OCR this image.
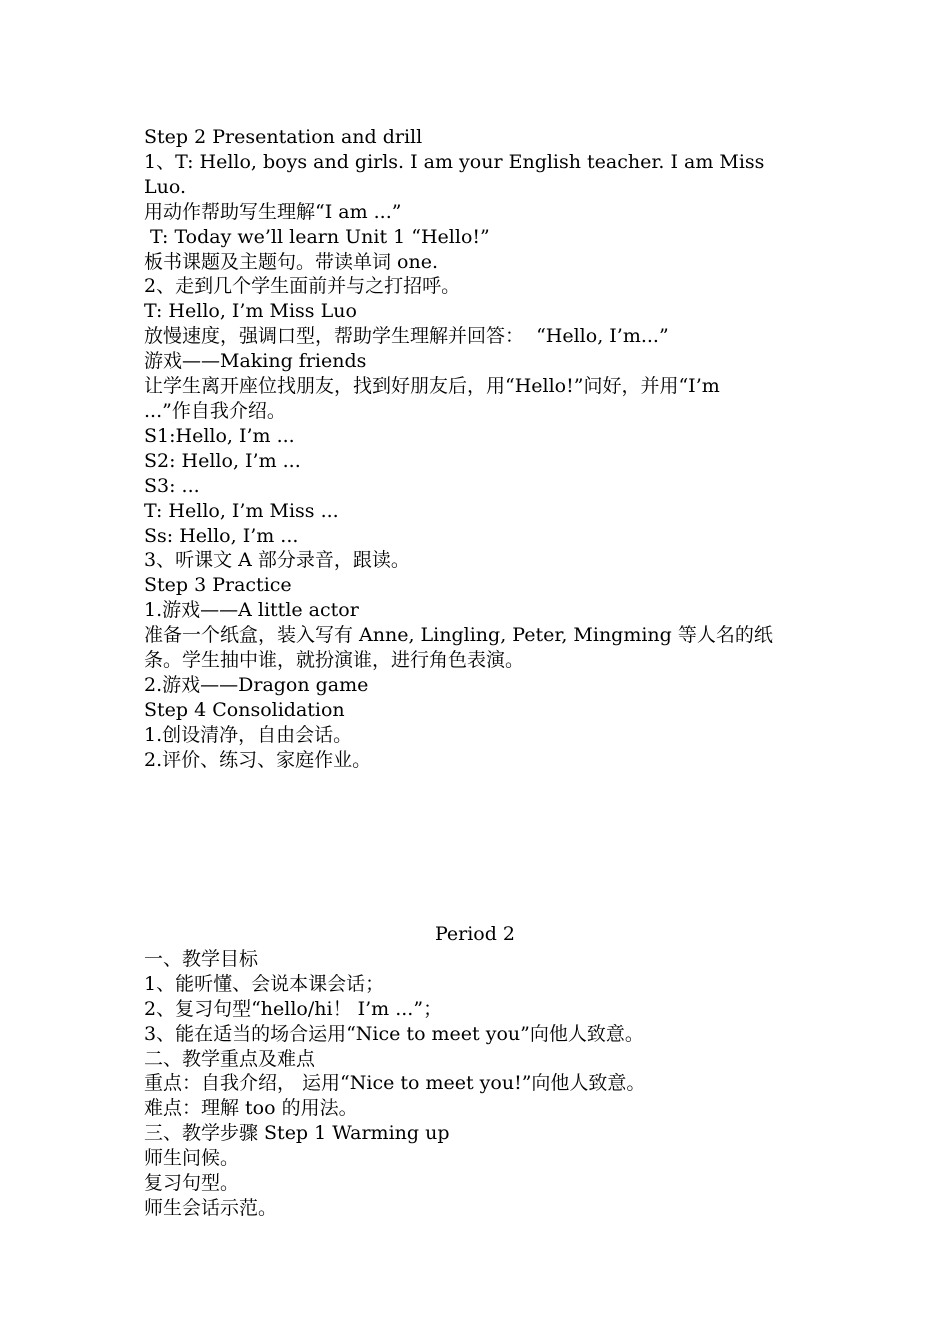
Step 2 Presentation and drill

1、T: Hello, boys and girls. I am your English teacher. I am Miss Luo.

用动作帮助写生理解“I am ...”

T: Today we’ll learn Unit 1 “Hello!”

板书课题及主题句。带读单词 one.

2、走到几个学生面前并与之打招呼。

T: Hello, I’m Miss Luo

放慢速度，强调口型，帮助学生理解并回答：  “Hello, I’m...”

游戏——Making friends

让学生离开座位找朋友，找到好朋友后，用“Hello!”问好，并用“I’m

...”作自我介绍。

S1:Hello, I’m ...

S2: Hello, I’m ...

S3: ...

T: Hello, I’m Miss ...

Ss: Hello, I’m ...

3、听课文 A 部分录音，跟读。

Step 3 Practice

1.游戏——A little actor

准备一个纸盒，装入写有 Anne, Lingling, Peter, Mingming 等人名的纸

条。学生抽中谁，就扮演谁，进行角色表演。

2.游戏——Dragon game

Step 4 Consolidation

1.创设清净，自由会话。

2.评价、练习、家庭作业。

Period 2

一、教学目标

1、能听懂、会说本课会话；

2、复习句型“hello/hi！ I’m ...”；

3、能在适当的场合运用“Nice to meet you”向他人致意。

二、教学重点及难点

重点：自我介绍， 运用“Nice to meet you!”向他人致意。

难点：理解 too 的用法。

三、教学步骤 Step 1 Warming up

师生问候。

复习句型。

师生会话示范。
